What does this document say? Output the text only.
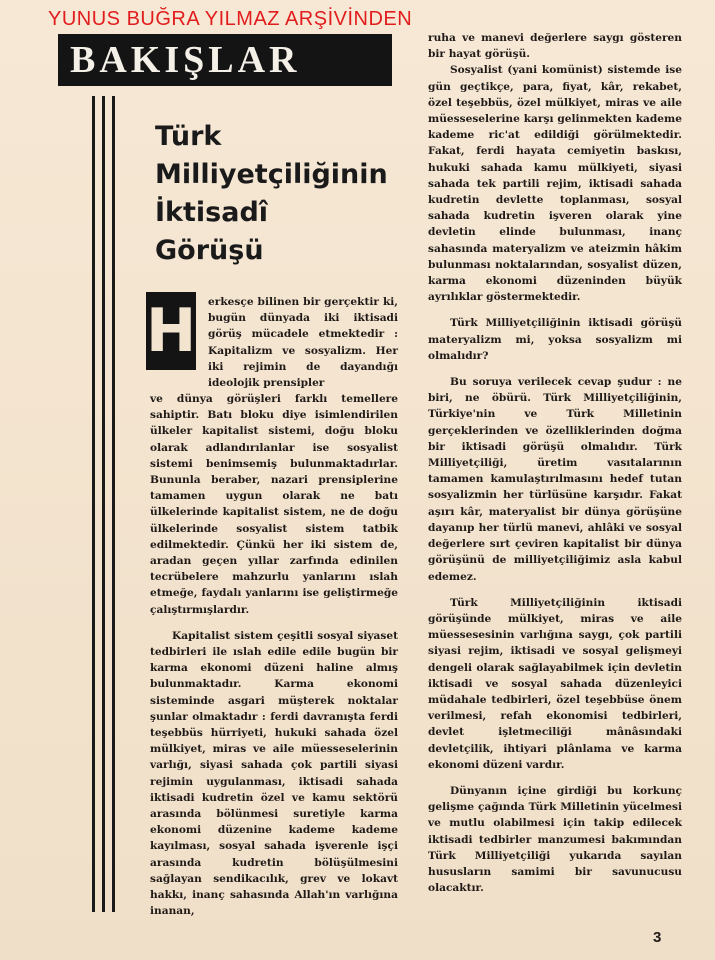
YUNUS BUĞRA YILMAZ ARŞİVİNDEN
BAKIŞLAR
Türk
Milliyetçiliğinin
İktisadî
Görüşü
H erkesçe bilinen bir gerçektir ki, bugün dünyada iki iktisadi görüş mücadele etmektedir : Kapitalizm ve sosyalizm. Her iki rejimin de dayandığı ideolojik prensipler

ve dünya görüşleri farklı temellere sahiptir. Batı bloku diye isimlendirilen ülkeler kapitalist sistemi, doğu bloku olarak adlandırılanlar ise sosyalist sistemi benimsemiş bulunmaktadırlar. Bununla beraber, nazari prensiplerine tamamen uygun olarak ne batı ülkelerinde kapitalist sistem, ne de doğu ülkelerinde sosyalist sistem tatbik edilmektedir. Çünkü her iki sistem de, aradan geçen yıllar zarfında edinilen tecrübelere mahzurlu yanlarını ıslah etmeğe, faydalı yanlarını ise geliştirmeğe çalıştırmışlardır.

Kapitalist sistem çeşitli sosyal siyaset tedbirleri ile ıslah edile edile bugün bir karma ekonomi düzeni haline almış bulunmaktadır. Karma ekonomi sisteminde asgari müşterek noktalar şunlar olmaktadır : ferdi davranışta ferdi teşebbüs hürriyeti, hukuki sahada özel mülkiyet, miras ve aile müesseselerinin varlığı, siyasi sahada çok partili siyasi rejimin uygulanması, iktisadi sahada iktisadi kudretin özel ve kamu sektörü arasında bölünmesi suretiyle karma ekonomi düzenine kademe kademe kayılması, sosyal sahada işverenle işçi arasında kudretin bölüşülmesini sağlayan sendikacılık, grev ve lokavt hakkı, inanç sahasında Allah'ın varlığına inanan,

ruha ve manevi değerlere saygı gösteren bir hayat görüşü.

Sosyalist (yani komünist) sistemde ise gün geçtikçe, para, fiyat, kâr, rekabet, özel teşebbüs, özel mülkiyet, miras ve aile müesseselerine karşı gelinmekten kademe kademe ric'at edildiği görülmektedir. Fakat, ferdi hayata cemiyetin baskısı, hukuki sahada kamu mülkiyeti, siyasi sahada tek partili rejim, iktisadi sahada kudretin devlette toplanması, sosyal sahada kudretin işveren olarak yine devletin elinde bulunması, inanç sahasında materyalizm ve ateizmin hâkim bulunması noktalarından, sosyalist düzen, karma ekonomi düzeninden büyük ayrılıklar göstermektedir.

Türk Milliyetçiliğinin iktisadi görüşü materyalizm mi, yoksa sosyalizm mi olmalıdır?

Bu soruya verilecek cevap şudur : ne biri, ne öbürü. Türk Milliyetçiliğinin, Türkiye'nin ve Türk Milletinin gerçeklerinden ve özelliklerinden doğma bir iktisadi görüşü olmalıdır. Türk Milliyetçiliği, üretim vasıtalarının tamamen kamulaştırılmasını hedef tutan sosyalizmin her türlüsüne karşıdır. Fakat aşırı kâr, materyalist bir dünya görüşüne dayanıp her türlü manevi, ahlâki ve sosyal değerlere sırt çeviren kapitalist bir dünya görüşünü de milliyetçiliğimiz asla kabul edemez.

Türk Milliyetçiliğinin iktisadi görüşünde mülkiyet, miras ve aile müessesesinin varlığına saygı, çok partili siyasi rejim, iktisadi ve sosyal gelişmeyi dengeli olarak sağlayabilmek için devletin iktisadi ve sosyal sahada düzenleyici müdahale tedbirleri, özel teşebbüse önem verilmesi, refah ekonomisi tedbirleri, devlet işletmeciliği mânâsındaki devletçilik, ihtiyari plânlama ve karma ekonomi düzeni vardır.

Dünyanın içine girdiği bu korkunç gelişme çağında Türk Milletinin yücelmesi ve mutlu olabilmesi için takip edilecek iktisadi tedbirler manzumesi bakımından Türk Milliyetçiliği yukarıda sayılan hususların samimi bir savunucusu olacaktır.

3
